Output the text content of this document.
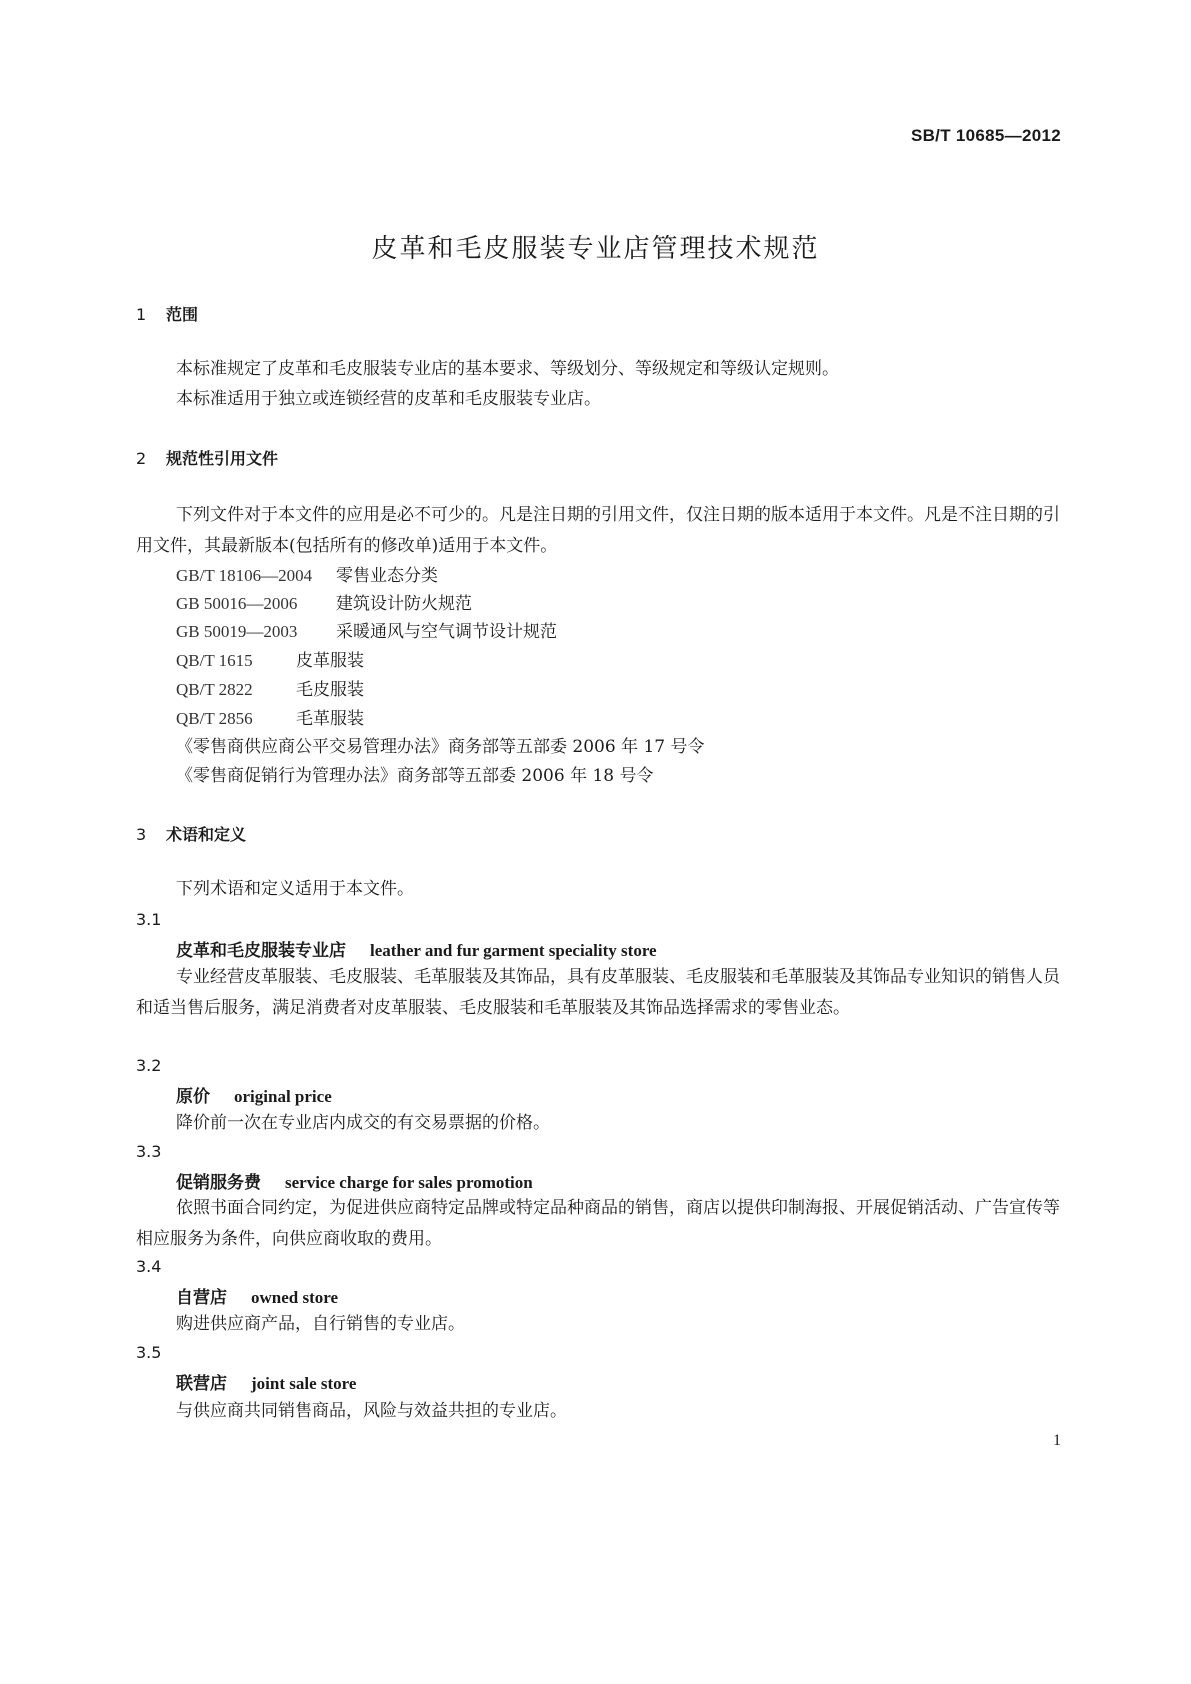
SB/T 10685—2012
皮革和毛皮服装专业店管理技术规范
1 范围
本标准规定了皮革和毛皮服装专业店的基本要求、等级划分、等级规定和等级认定规则。
本标准适用于独立或连锁经营的皮革和毛皮服装专业店。
2 规范性引用文件
下列文件对于本文件的应用是必不可少的。凡是注日期的引用文件，仅注日期的版本适用于本文件。凡是不注日期的引用文件，其最新版本(包括所有的修改单)适用于本文件。
GB/T 18106—2004 零售业态分类
GB 50016—2006 建筑设计防火规范
GB 50019—2003 采暖通风与空气调节设计规范
QB/T 1615	皮革服装
QB/T 2822	毛皮服装
QB/T 2856	毛革服装
《零售商供应商公平交易管理办法》商务部等五部委 2006 年 17 号令
《零售商促销行为管理办法》商务部等五部委 2006 年 18 号令
3 术语和定义
下列术语和定义适用于本文件。
3.1
皮革和毛皮服装专业店 leather and fur garment speciality store
专业经营皮革服装、毛皮服装、毛革服装及其饰品，具有皮革服装、毛皮服装和毛革服装及其饰品专业知识的销售人员和适当售后服务，满足消费者对皮革服装、毛皮服装和毛革服装及其饰品选择需求的零售业态。
3.2
原价 original price
降价前一次在专业店内成交的有交易票据的价格。
3.3
促销服务费 service charge for sales promotion
依照书面合同约定，为促进供应商特定品牌或特定品种商品的销售，商店以提供印制海报、开展促销活动、广告宣传等相应服务为条件，向供应商收取的费用。
3.4
自营店 owned store
购进供应商产品，自行销售的专业店。
3.5
联营店 joint sale store
与供应商共同销售商品，风险与效益共担的专业店。
1
